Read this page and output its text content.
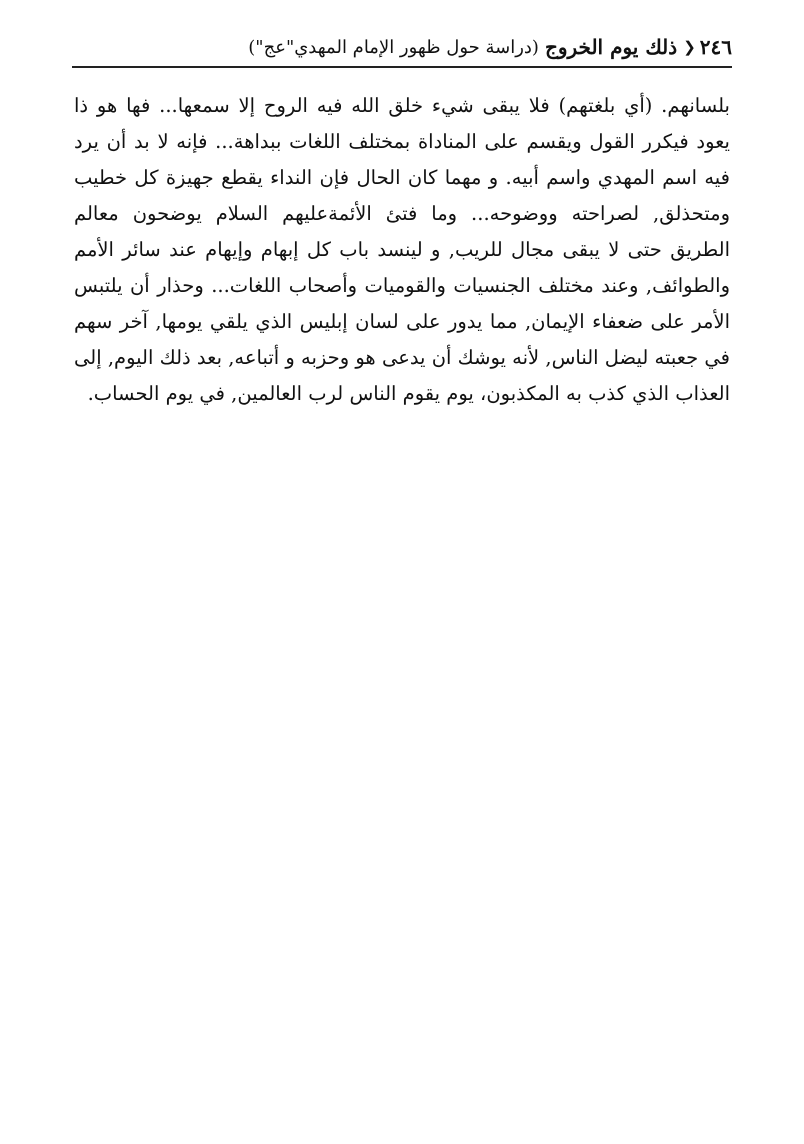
٢٤٦
❮
ذلك يوم الخروج
(دراسة حول ظهور الإمام المهدي"عج")

بلسانهم. (أي بلغتهم) فلا يبقى شيء خلق الله فيه الروح إلا سمعها... فها هو ذا يعود فيكرر القول ويقسم على المناداة بمختلف اللغات ببداهة... فإنه لا بد أن يرد فيه اسم المهدي واسم أبيه. و مهما كان الحال فإن النداء يقطع جهيزة كل خطيب ومتحذلق, لصراحته ووضوحه... وما فتئ الأئمةعليهم السلام يوضحون معالم الطريق حتى لا يبقى مجال للريب, و لينسد باب كل إبهام وإيهام عند سائر الأمم والطوائف, وعند مختلف الجنسيات والقوميات وأصحاب اللغات... وحذار أن يلتبس الأمر على ضعفاء الإيمان, مما يدور على لسان إبليس الذي يلقي يومها, آخر سهم في جعبته ليضل الناس, لأنه يوشك أن يدعى هو وحزبه و أتباعه, بعد ذلك اليوم, إلى العذاب الذي كذب به المكذبون، يوم يقوم الناس لرب العالمين, في يوم الحساب.
